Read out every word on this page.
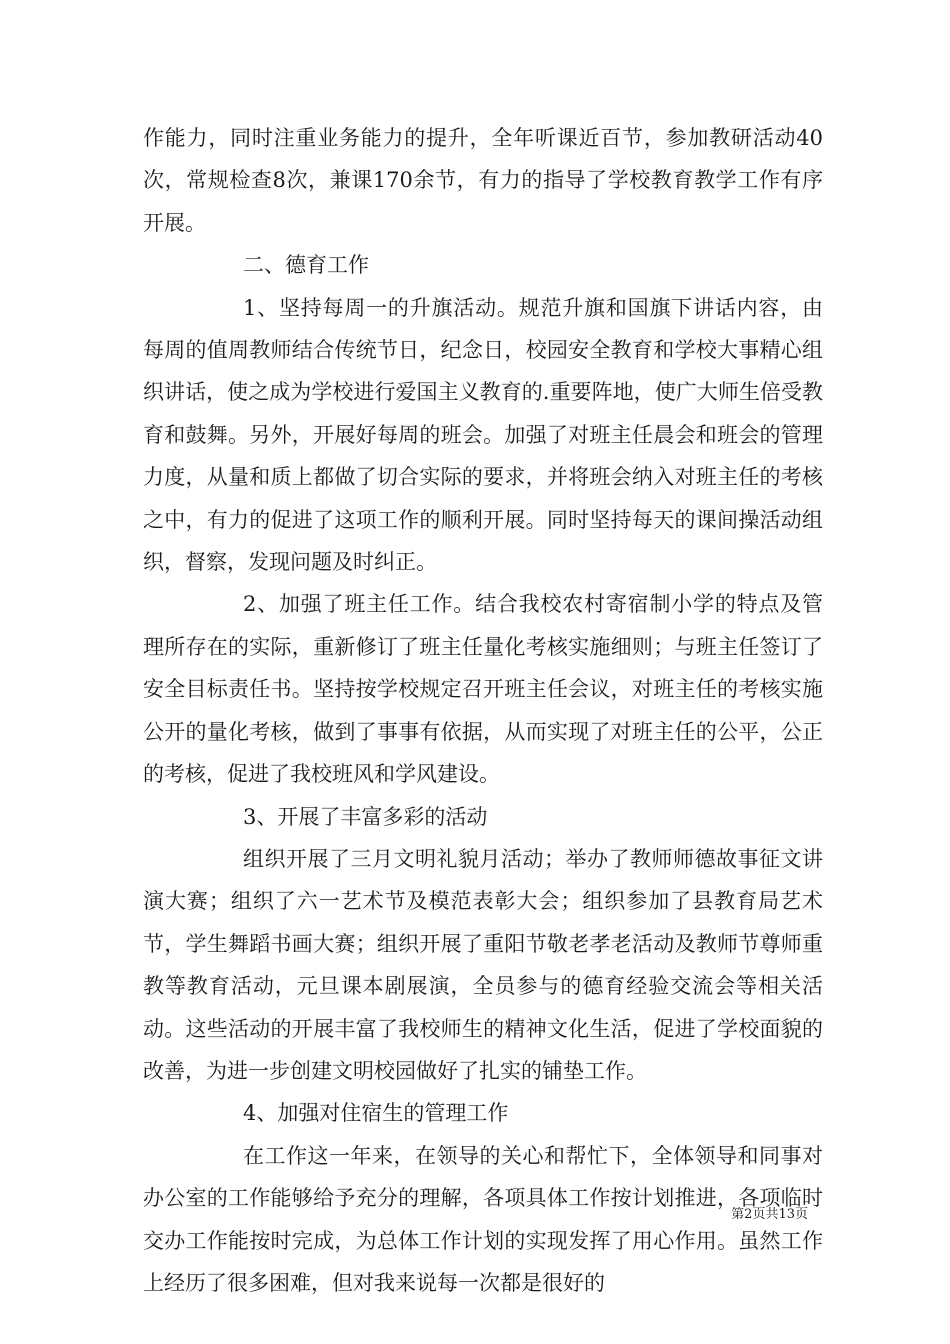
作能力，同时注重业务能力的提升，全年听课近百节，参加教研活动40次，常规检查8次，兼课170余节，有力的指导了学校教育教学工作有序开展。

二、德育工作

1、坚持每周一的升旗活动。规范升旗和国旗下讲话内容，由每周的值周教师结合传统节日，纪念日，校园安全教育和学校大事精心组织讲话，使之成为学校进行爱国主义教育的.重要阵地，使广大师生倍受教育和鼓舞。另外，开展好每周的班会。加强了对班主任晨会和班会的管理力度，从量和质上都做了切合实际的要求，并将班会纳入对班主任的考核之中，有力的促进了这项工作的顺利开展。同时坚持每天的课间操活动组织，督察，发现问题及时纠正。

2、加强了班主任工作。结合我校农村寄宿制小学的特点及管理所存在的实际，重新修订了班主任量化考核实施细则；与班主任签订了安全目标责任书。坚持按学校规定召开班主任会议，对班主任的考核实施公开的量化考核，做到了事事有依据，从而实现了对班主任的公平，公正的考核，促进了我校班风和学风建设。

3、开展了丰富多彩的活动

组织开展了三月文明礼貌月活动；举办了教师师德故事征文讲演大赛；组织了六一艺术节及模范表彰大会；组织参加了县教育局艺术节，学生舞蹈书画大赛；组织开展了重阳节敬老孝老活动及教师节尊师重教等教育活动，元旦课本剧展演，全员参与的德育经验交流会等相关活动。这些活动的开展丰富了我校师生的精神文化生活，促进了学校面貌的改善，为进一步创建文明校园做好了扎实的铺垫工作。

4、加强对住宿生的管理工作

在工作这一年来，在领导的关心和帮忙下，全体领导和同事对办公室的工作能够给予充分的理解，各项具体工作按计划推进，各项临时交办工作能按时完成，为总体工作计划的实现发挥了用心作用。虽然工作上经历了很多困难，但对我来说每一次都是很好的

第2页共13页
